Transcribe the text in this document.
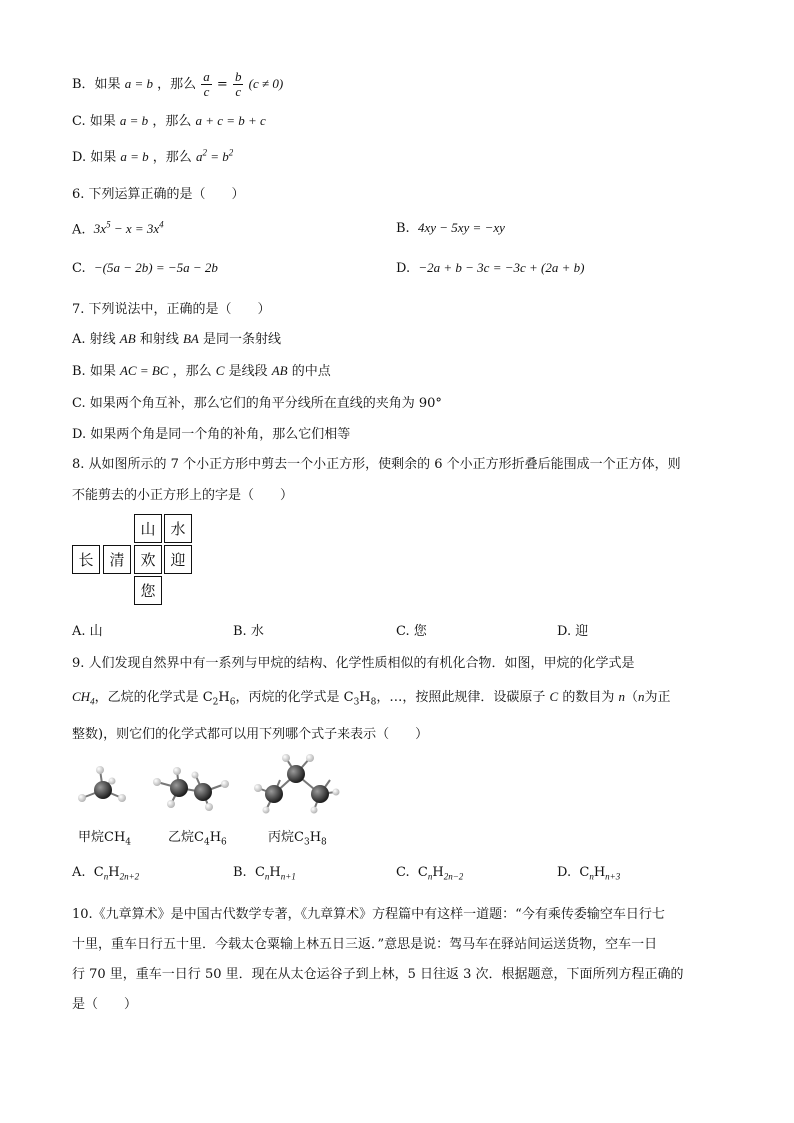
B．如果 a = b ，那么 $\frac{a}{c} = \frac{b}{c} (c \ne 0)$
C. 如果 a = b ，那么 a + c = b + c
D. 如果 a = b ，那么 $a^2 = b^2$
6. 下列运算正确的是（　　）
A. $3x^5 - x = 3x^4$	B. 4xy − 5xy = −xy
C. −(5a − 2b) = −5a − 2b	D. −2a + b − 3c = −3c + (2a + b)
7. 下列说法中，正确的是（　　）
A. 射线 AB 和射线 BA 是同一条射线
B. 如果 AC = BC ，那么 C 是线段 AB 的中点
C. 如果两个角互补，那么它们的角平分线所在直线的夹角为 90°
D. 如果两个角是同一个角的补角，那么它们相等
8. 从如图所示的 7 个小正方形中剪去一个小正方形，使剩余的 6 个小正方形折叠后能围成一个正方体，则
不能剪去的小正方形上的字是（　　）
山 水
长	清	欢 迎
您
A. 山	B. 水	C. 您	D. 迎
9. 人们发现自然界中有一系列与甲烷的结构、化学性质相似的有机化合物．如图，甲烷的化学式是
$CH_4$，乙烷的化学式是 $C_2H_6$，丙烷的化学式是 $C_3H_8$，…，按照此规律．设碳原子 C 的数目为 n（n为正
整数)，则它们的化学式都可以用下列哪个式子来表示（　　）
甲烷$CH_4$	乙烷$C_4H_6$	丙烷$C_3H_8$
A. $C_nH_{2n+2}$	B. $C_nH_{n+1}$	C. $C_nH_{2n-2}$	D. $C_nH_{n+3}$
10.《九章算术》是中国古代数学专著，《九章算术》方程篇中有这样一道题：“今有乘传委输空车日行七
十里，重车日行五十里．今载太仓粟输上林五日三返．”意思是说：驾马车在驿站间运送货物，空车一日
行 70 里，重车一日行 50 里．现在从太仓运谷子到上林，5 日往返 3 次．根据题意，下面所列方程正确的
是（　　）
